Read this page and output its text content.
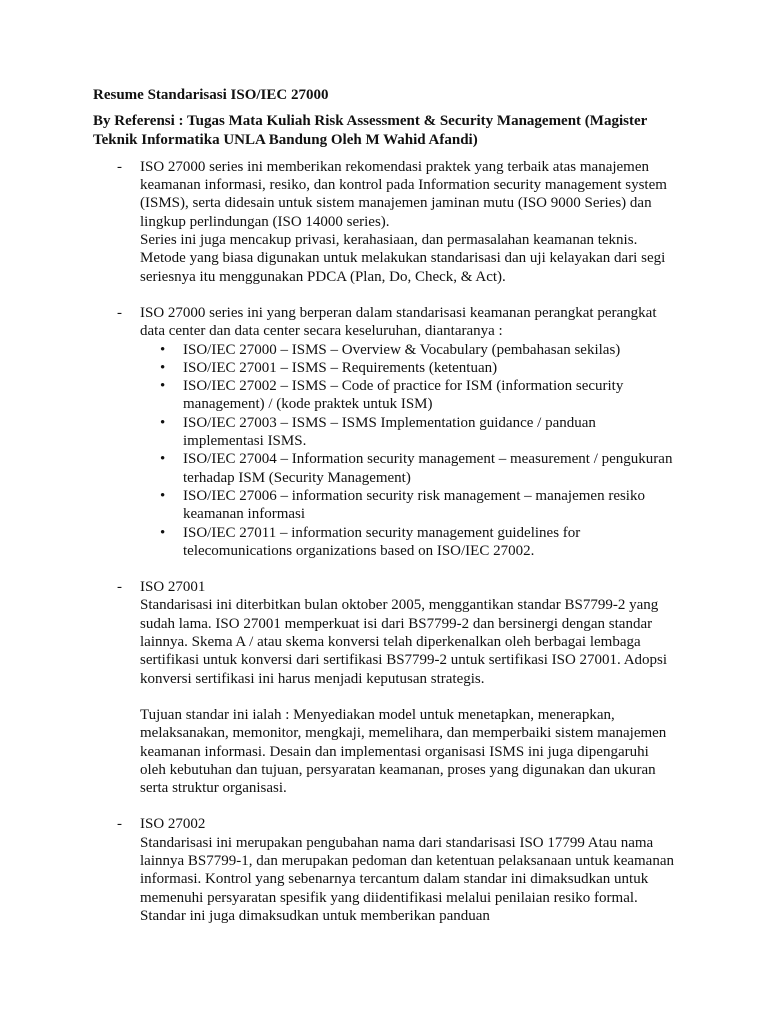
Resume Standarisasi ISO/IEC 27000

By Referensi : Tugas Mata Kuliah Risk Assessment & Security Management (Magister Teknik Informatika UNLA Bandung Oleh M Wahid Afandi)

- ISO 27000 series ini memberikan rekomendasi praktek yang terbaik atas manajemen keamanan informasi, resiko, dan kontrol pada Information security management system (ISMS), serta didesain untuk sistem manajemen jaminan mutu (ISO 9000 Series) dan lingkup perlindungan (ISO 14000 series).

Series ini juga mencakup privasi, kerahasiaan, dan permasalahan keamanan teknis.

Metode yang biasa digunakan untuk melakukan standarisasi dan uji kelayakan dari segi seriesnya itu menggunakan PDCA (Plan, Do, Check, & Act).

- ISO 27000 series ini yang berperan dalam standarisasi keamanan perangkat perangkat data center dan data center secara keseluruhan, diantaranya :

• ISO/IEC 27000 – ISMS – Overview & Vocabulary (pembahasan sekilas)
• ISO/IEC 27001 – ISMS – Requirements (ketentuan)
• ISO/IEC 27002 – ISMS – Code of practice for ISM (information security management) / (kode praktek untuk ISM)
• ISO/IEC 27003 – ISMS – ISMS Implementation guidance / panduan implementasi ISMS.
• ISO/IEC 27004 – Information security management – measurement / pengukuran terhadap ISM (Security Management)
• ISO/IEC 27006 – information security risk management – manajemen resiko keamanan informasi
• ISO/IEC 27011 – information security management guidelines for telecomunications organizations based on ISO/IEC 27002.
- ISO 27001

Standarisasi ini diterbitkan bulan oktober 2005, menggantikan standar BS7799-2 yang sudah lama. ISO 27001 memperkuat isi dari BS7799-2 dan bersinergi dengan standar lainnya. Skema A / atau skema konversi telah diperkenalkan oleh berbagai lembaga sertifikasi untuk konversi dari sertifikasi BS7799-2 untuk sertifikasi ISO 27001. Adopsi konversi sertifikasi ini harus menjadi keputusan strategis.

Tujuan standar ini ialah : Menyediakan model untuk menetapkan, menerapkan, melaksanakan, memonitor, mengkaji, memelihara, dan memperbaiki sistem manajemen keamanan informasi. Desain dan implementasi organisasi ISMS ini juga dipengaruhi oleh kebutuhan dan tujuan, persyaratan keamanan, proses yang digunakan dan ukuran serta struktur organisasi.

- ISO 27002

Standarisasi ini merupakan pengubahan nama dari standarisasi ISO 17799 Atau nama lainnya BS7799-1, dan merupakan pedoman dan ketentuan pelaksanaan untuk keamanan informasi. Kontrol yang sebenarnya tercantum dalam standar ini dimaksudkan untuk memenuhi persyaratan spesifik yang diidentifikasi melalui penilaian resiko formal. Standar ini juga dimaksudkan untuk memberikan panduan
